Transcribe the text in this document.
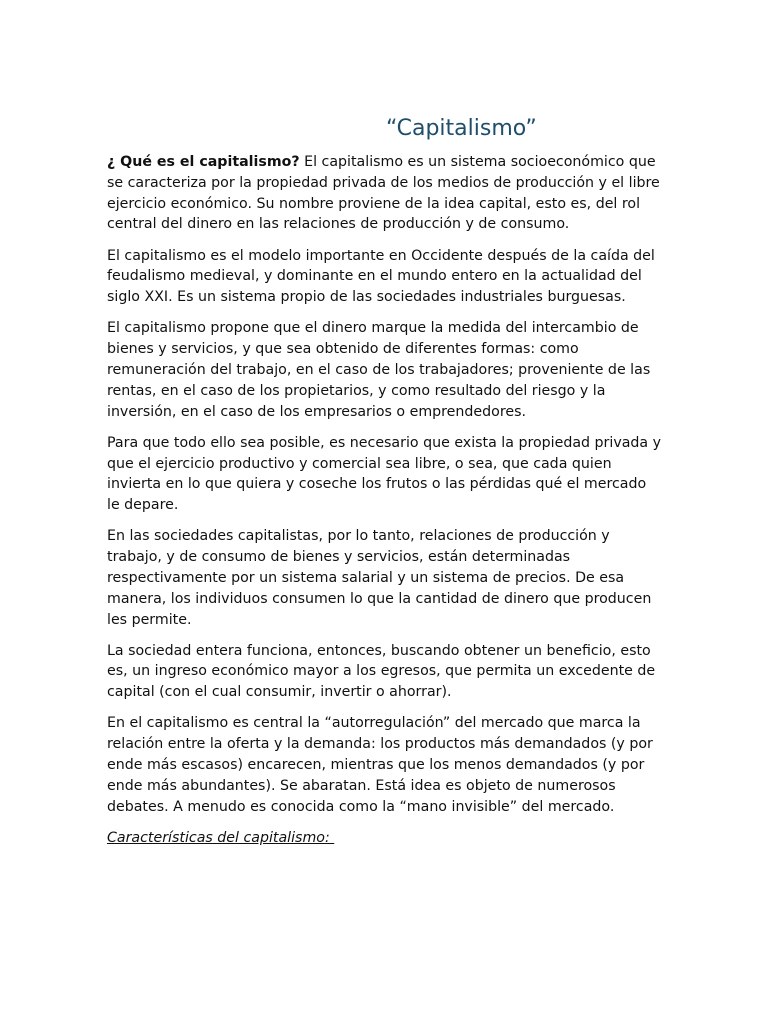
“Capitalismo”

¿ Qué es el capitalismo? El capitalismo es un sistema socioeconómico que se caracteriza por la propiedad privada de los medios de producción y el libre ejercicio económico. Su nombre proviene de la idea capital, esto es, del rol central del dinero en las relaciones de producción y de consumo.

El capitalismo es el modelo importante en Occidente después de la caída del feudalismo medieval, y dominante en el mundo entero en la actualidad del siglo XXI. Es un sistema propio de las sociedades industriales burguesas.

El capitalismo propone que el dinero marque la medida del intercambio de bienes y servicios, y que sea obtenido de diferentes formas: como remuneración del trabajo, en el caso de los trabajadores; proveniente de las rentas, en el caso de los propietarios, y como resultado del riesgo y la inversión, en el caso de los empresarios o emprendedores.

Para que todo ello sea posible, es necesario que exista la propiedad privada y que el ejercicio productivo y comercial sea libre, o sea, que cada quien invierta en lo que quiera y coseche los frutos o las pérdidas qué el mercado le depare.

En las sociedades capitalistas, por lo tanto, relaciones de producción y trabajo, y de consumo de bienes y servicios, están determinadas respectivamente por un sistema salarial y un sistema de precios. De esa manera, los individuos consumen lo que la cantidad de dinero que producen les permite.

La sociedad entera funciona, entonces, buscando obtener un beneficio, esto es, un ingreso económico mayor a los egresos, que permita un excedente de capital (con el cual consumir, invertir o ahorrar).

En el capitalismo es central la “autorregulación” del mercado que marca la relación entre la oferta y la demanda: los productos más demandados (y por ende más escasos) encarecen, mientras que los menos demandados (y por ende más abundantes). Se abaratan. Está idea es objeto de numerosos debates. A menudo es conocida como la “mano invisible” del mercado.

Características del capitalismo:
